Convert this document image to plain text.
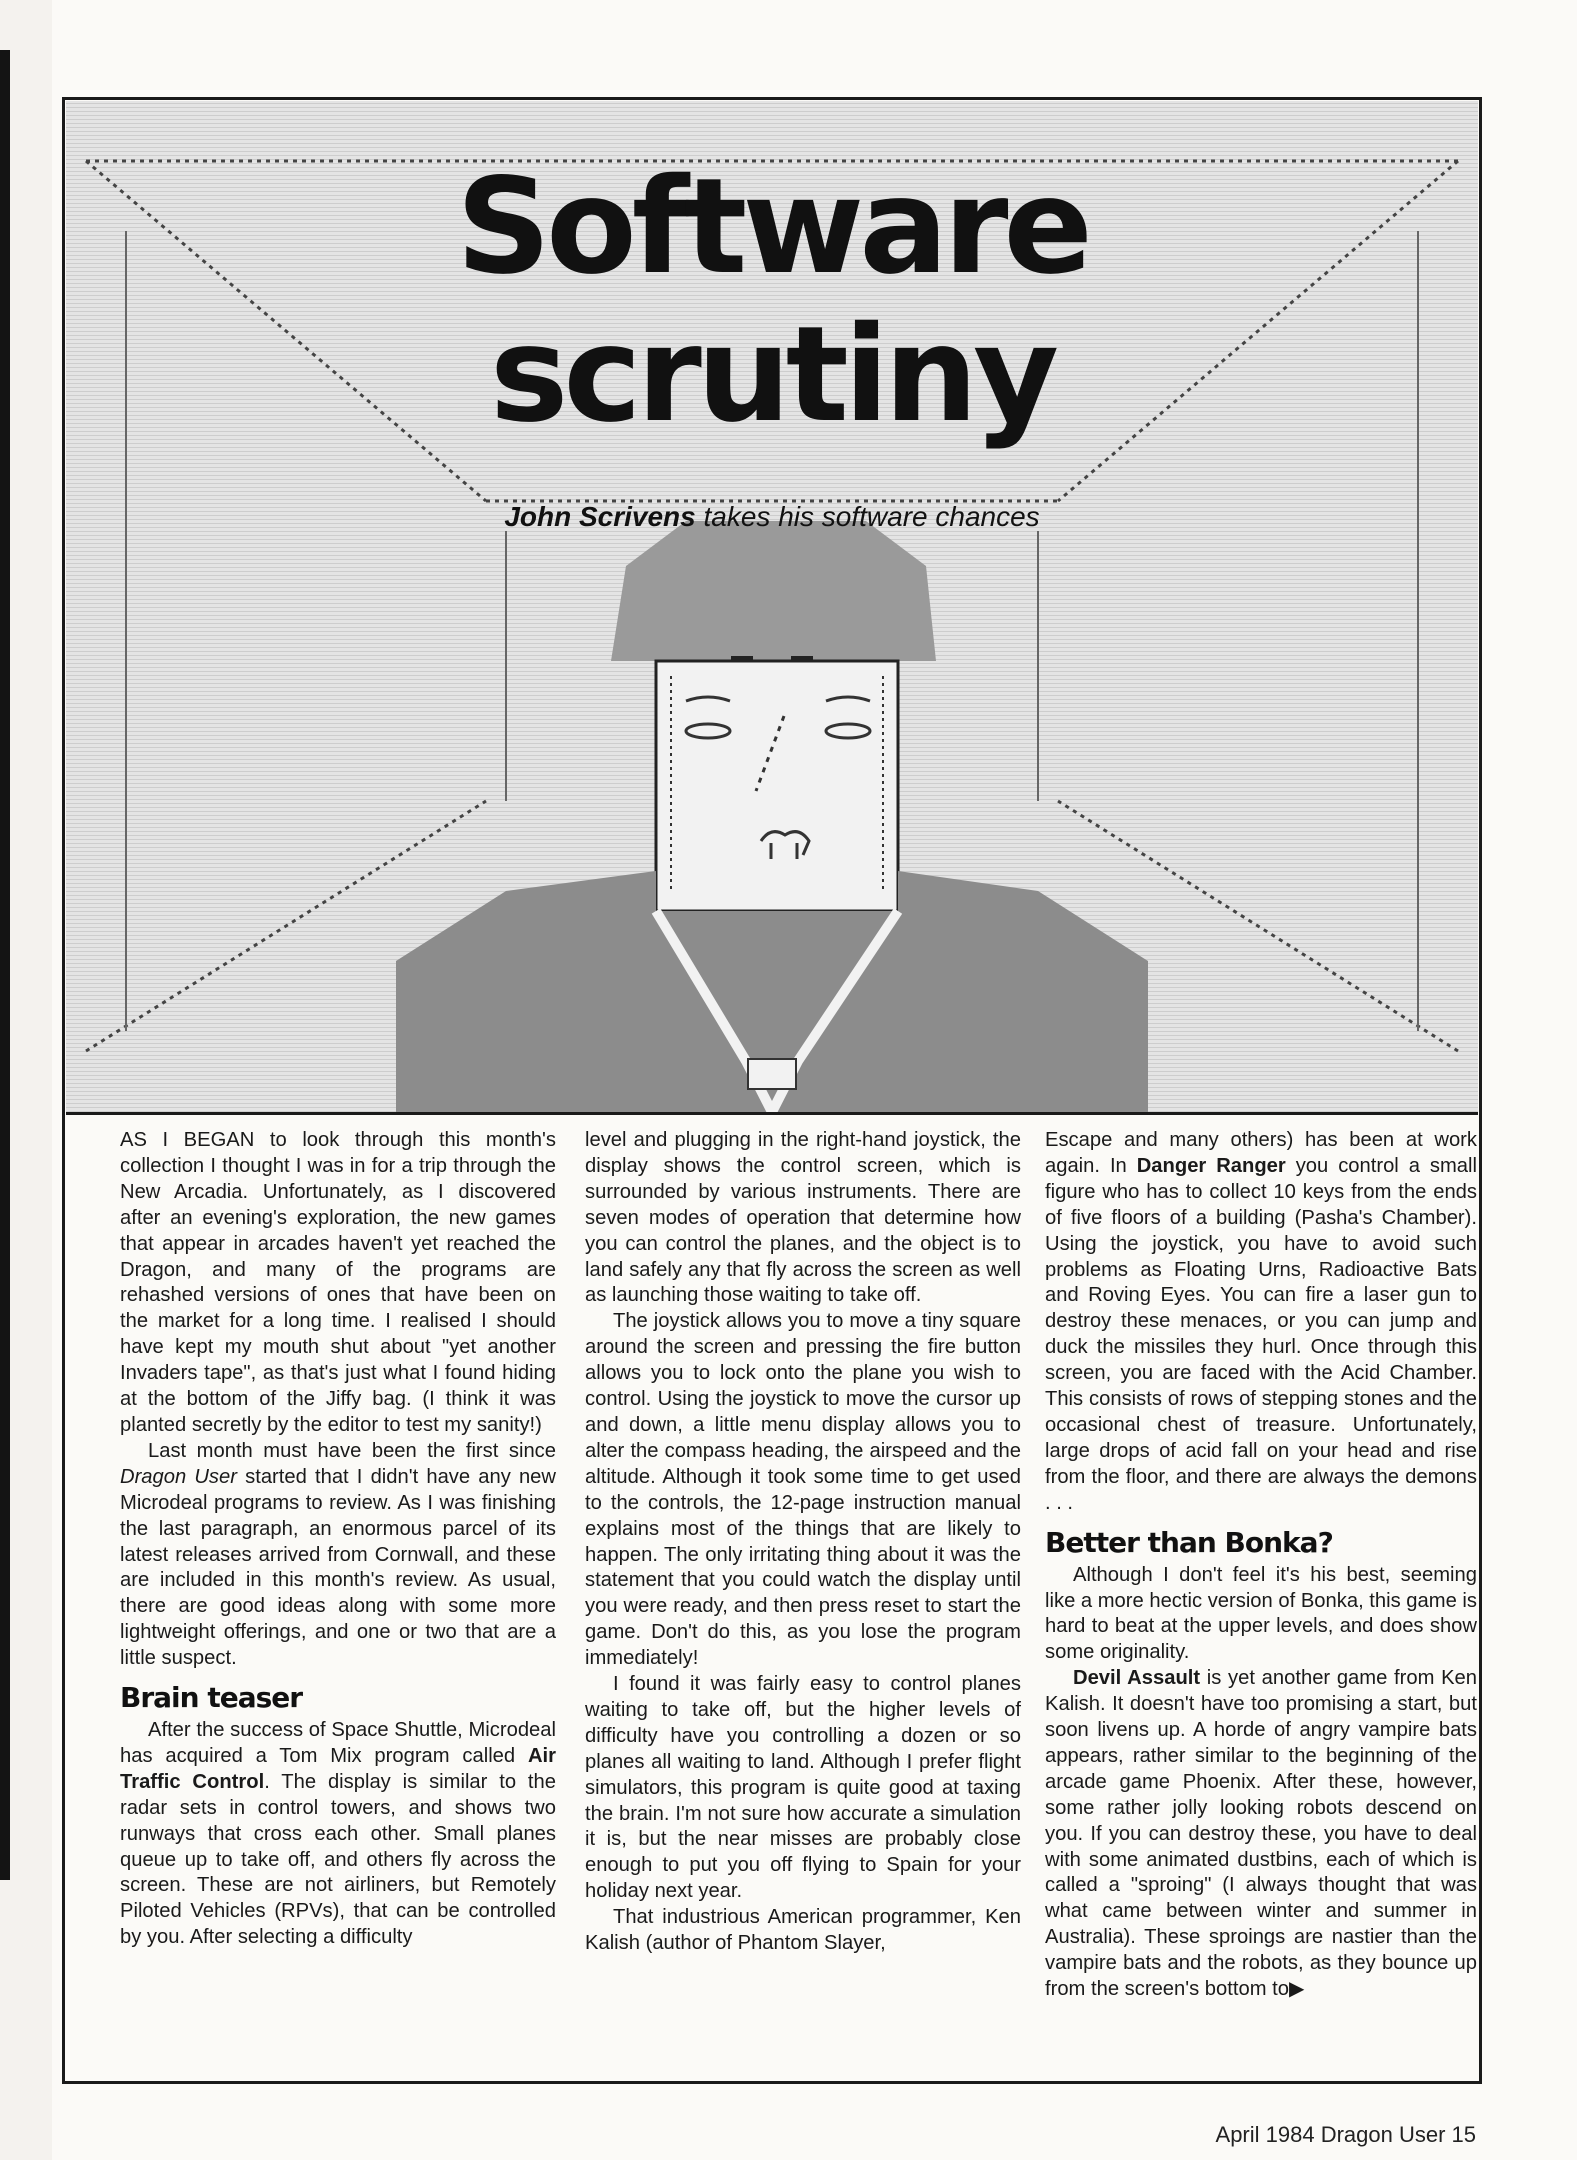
Software
scrutiny
John Scrivens takes his software chances

AS I BEGAN to look through this month's collection I thought I was in for a trip through the New Arcadia. Unfortunately, as I discovered after an evening's exploration, the new games that appear in arcades haven't yet reached the Dragon, and many of the programs are rehashed versions of ones that have been on the market for a long time. I realised I should have kept my mouth shut about "yet another Invaders tape", as that's just what I found hiding at the bottom of the Jiffy bag. (I think it was planted secretly by the editor to test my sanity!)

Last month must have been the first since Dragon User started that I didn't have any new Microdeal programs to review. As I was finishing the last paragraph, an enormous parcel of its latest releases arrived from Cornwall, and these are included in this month's review. As usual, there are good ideas along with some more lightweight offerings, and one or two that are a little suspect.

Brain teaser

After the success of Space Shuttle, Microdeal has acquired a Tom Mix program called Air Traffic Control. The display is similar to the radar sets in control towers, and shows two runways that cross each other. Small planes queue up to take off, and others fly across the screen. These are not airliners, but Remotely Piloted Vehicles (RPVs), that can be controlled by you. After selecting a difficulty

level and plugging in the right-hand joystick, the display shows the control screen, which is surrounded by various instruments. There are seven modes of operation that determine how you can control the planes, and the object is to land safely any that fly across the screen as well as launching those waiting to take off.

The joystick allows you to move a tiny square around the screen and pressing the fire button allows you to lock onto the plane you wish to control. Using the joystick to move the cursor up and down, a little menu display allows you to alter the compass heading, the airspeed and the altitude. Although it took some time to get used to the controls, the 12-page instruction manual explains most of the things that are likely to happen. The only irritating thing about it was the statement that you could watch the display until you were ready, and then press reset to start the game. Don't do this, as you lose the program immediately!

I found it was fairly easy to control planes waiting to take off, but the higher levels of difficulty have you controlling a dozen or so planes all waiting to land. Although I prefer flight simulators, this program is quite good at taxing the brain. I'm not sure how accurate a simulation it is, but the near misses are probably close enough to put you off flying to Spain for your holiday next year.

That industrious American programmer, Ken Kalish (author of Phantom Slayer,

Escape and many others) has been at work again. In Danger Ranger you control a small figure who has to collect 10 keys from the ends of five floors of a building (Pasha's Chamber). Using the joystick, you have to avoid such problems as Floating Urns, Radioactive Bats and Roving Eyes. You can fire a laser gun to destroy these menaces, or you can jump and duck the missiles they hurl. Once through this screen, you are faced with the Acid Chamber. This consists of rows of stepping stones and the occasional chest of treasure. Unfortunately, large drops of acid fall on your head and rise from the floor, and there are always the demons . . .

Better than Bonka?

Although I don't feel it's his best, seeming like a more hectic version of Bonka, this game is hard to beat at the upper levels, and does show some originality.

Devil Assault is yet another game from Ken Kalish. It doesn't have too promising a start, but soon livens up. A horde of angry vampire bats appears, rather similar to the beginning of the arcade game Phoenix. After these, however, some rather jolly looking robots descend on you. If you can destroy these, you have to deal with some animated dustbins, each of which is called a "sproing" (I always thought that was what came between winter and summer in Australia). These sproings are nastier than the vampire bats and the robots, as they bounce up from the screen's bottom to▶

April 1984 Dragon User 15
